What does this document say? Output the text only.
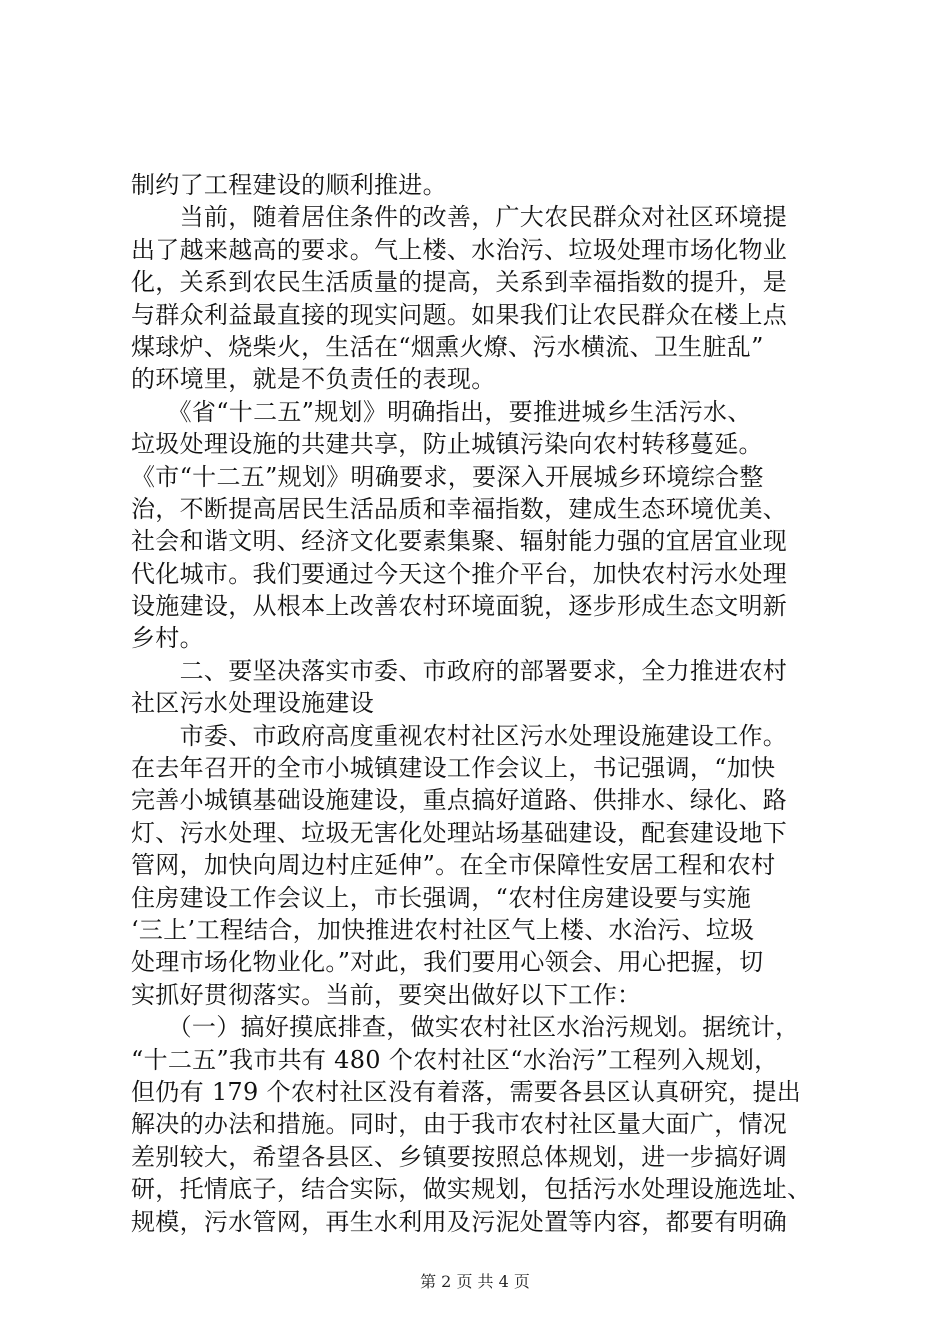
制约了工程建设的顺利推进。
　　当前，随着居住条件的改善，广大农民群众对社区环境提
出了越来越高的要求。气上楼、水治污、垃圾处理市场化物业
化，关系到农民生活质量的提高，关系到幸福指数的提升，是
与群众利益最直接的现实问题。如果我们让农民群众在楼上点
煤球炉、烧柴火，生活在“烟熏火燎、污水横流、卫生脏乱”
的环境里，就是不负责任的表现。
　　《省“十二五”规划》明确指出，要推进城乡生活污水、
垃圾处理设施的共建共享，防止城镇污染向农村转移蔓延。
《市“十二五”规划》明确要求，要深入开展城乡环境综合整
治，不断提高居民生活品质和幸福指数，建成生态环境优美、
社会和谐文明、经济文化要素集聚、辐射能力强的宜居宜业现
代化城市。我们要通过今天这个推介平台，加快农村污水处理
设施建设，从根本上改善农村环境面貌，逐步形成生态文明新
乡村。
　　二、要坚决落实市委、市政府的部署要求，全力推进农村
社区污水处理设施建设
　　市委、市政府高度重视农村社区污水处理设施建设工作。
在去年召开的全市小城镇建设工作会议上，书记强调，“加快
完善小城镇基础设施建设，重点搞好道路、供排水、绿化、路
灯、污水处理、垃圾无害化处理站场基础建设，配套建设地下
管网，加快向周边村庄延伸”。在全市保障性安居工程和农村
住房建设工作会议上，市长强调，“农村住房建设要与实施
‘三上’工程结合，加快推进农村社区气上楼、水治污、垃圾
处理市场化物业化。”对此，我们要用心领会、用心把握，切
实抓好贯彻落实。当前，要突出做好以下工作：
　　（一）搞好摸底排查，做实农村社区水治污规划。据统计，
“十二五”我市共有 480 个农村社区“水治污”工程列入规划，
但仍有 179 个农村社区没有着落，需要各县区认真研究，提出
解决的办法和措施。同时，由于我市农村社区量大面广，情况
差别较大，希望各县区、乡镇要按照总体规划，进一步搞好调
研，托情底子，结合实际，做实规划，包括污水处理设施选址、
规模，污水管网，再生水利用及污泥处置等内容，都要有明确
第 2 页 共 4 页
